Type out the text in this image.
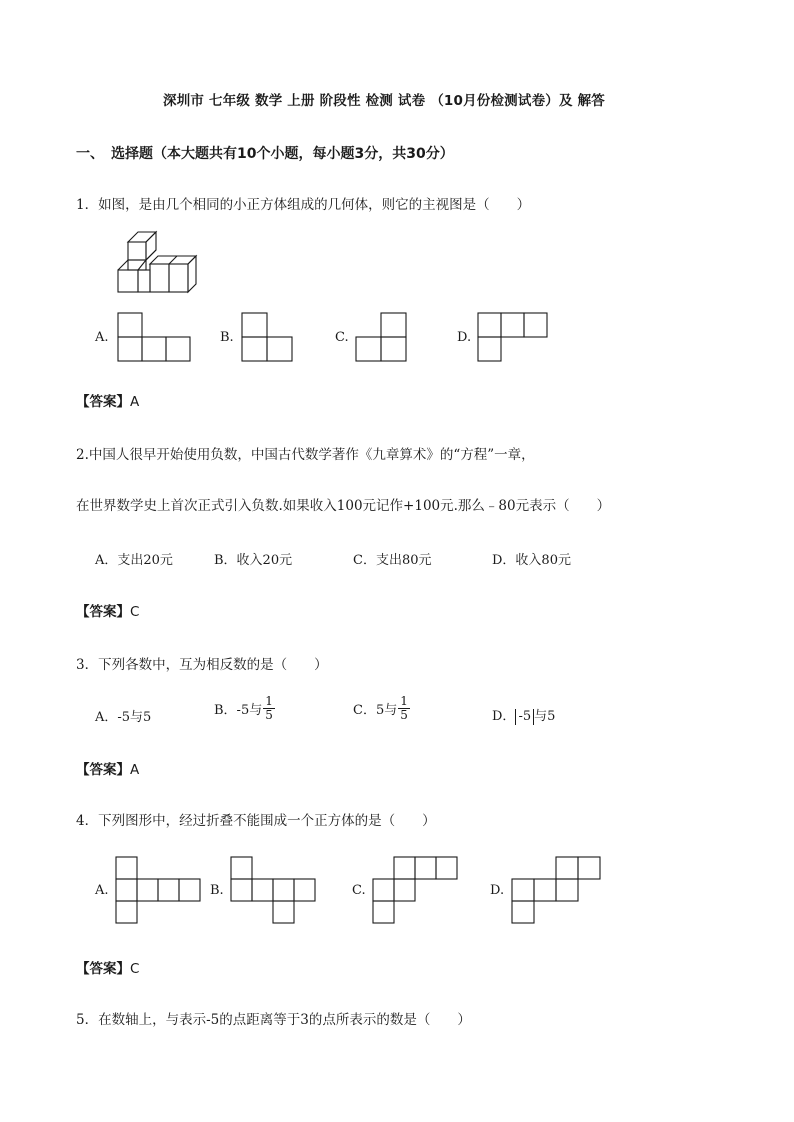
深圳市 七年级 数学 上册 阶段性 检测 试卷 （10月份检测试卷）及 解答
一、 选择题（本大题共有10个小题，每小题3分，共30分）
1．如图，是由几个相同的小正方体组成的几何体，则它的主视图是（　　）
A.	B.	C.	D.
【答案】A
2.中国人很早开始使用负数，中国古代数学著作《九章算术》的“方程”一章，
在世界数学史上首次正式引入负数.如果收入100元记作+100元.那么﹣80元表示（　　）
A．支出20元	B．收入20元	C．支出80元	D．收入80元
【答案】C
3．下列各数中，互为相反数的是（　　）
A．-5与5	B．-5与 $\frac{1}{5}$	C．5与 $\frac{1}{5}$	D． -5 与5
【答案】A
4．下列图形中，经过折叠不能围成一个正方体的是（　　）
A.	B.	C.	D.
【答案】C
5．在数轴上，与表示-5的点距离等于3的点所表示的数是（　　）
